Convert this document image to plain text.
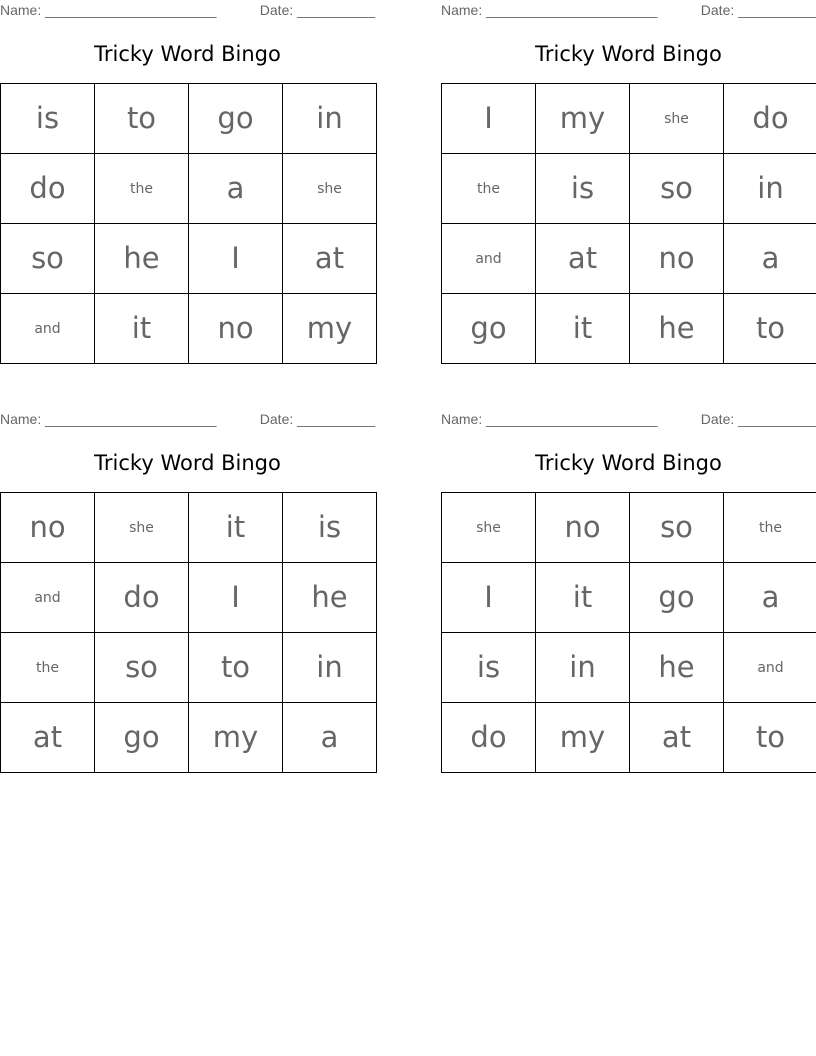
Name: ______________________	Date: __________
Tricky Word Bingo
is	to	go	in
do	the	a	she
so	he	I	at
and	it	no	my
Name: ______________________	Date: __________
Tricky Word Bingo
I	my	she	do
the	is	so	in
and	at	no	a
go	it	he	to
Name: ______________________	Date: __________
Tricky Word Bingo
no	she	it	is
and	do	I	he
the	so	to	in
at	go	my	a
Name: ______________________	Date: __________
Tricky Word Bingo
she	no	so	the
I	it	go	a
is	in	he	and
do	my	at	to
